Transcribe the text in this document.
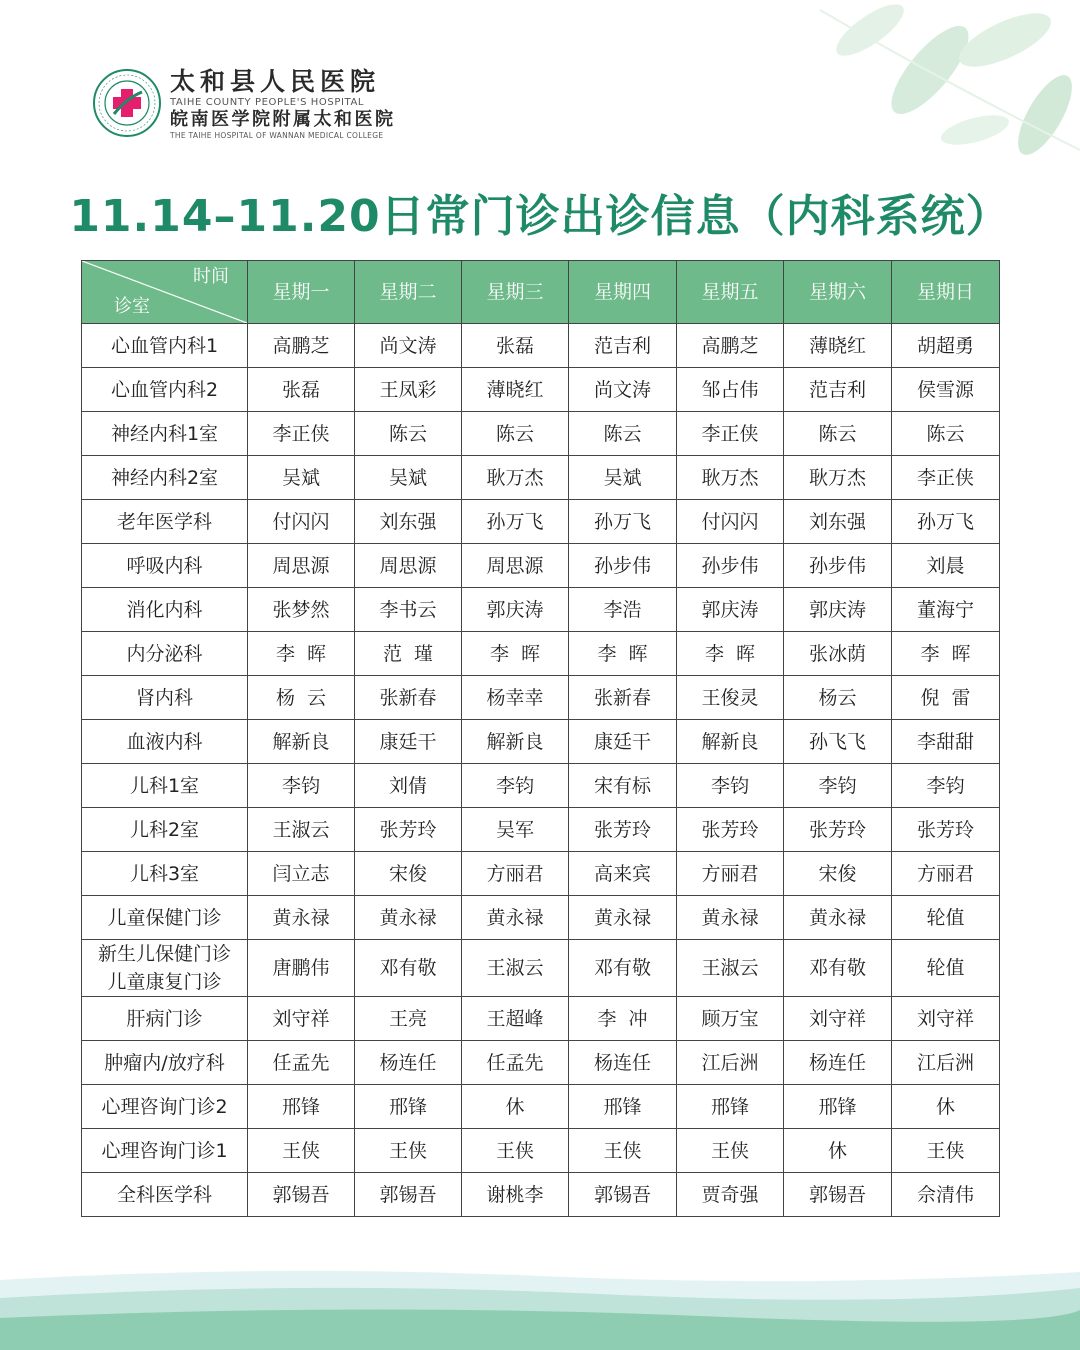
太和县人民医院
TAIHE COUNTY PEOPLE'S HOSPITAL
皖南医学院附属太和医院
THE TAIHE HOSPITAL OF WANNAN MEDICAL COLLEGE
11.14–11.20日常门诊出诊信息（内科系统）
时间
诊室	星期一	星期二	星期三	星期四	星期五	星期六	星期日

心血管内科1	高鹏芝	尚文涛	张磊	范吉利	高鹏芝	薄晓红	胡超勇

心血管内科2	张磊	王凤彩	薄晓红	尚文涛	邹占伟	范吉利	侯雪源

神经内科1室	李正侠	陈云	陈云	陈云	李正侠	陈云	陈云

神经内科2室	吴斌	吴斌	耿万杰	吴斌	耿万杰	耿万杰	李正侠

老年医学科	付闪闪	刘东强	孙万飞	孙万飞	付闪闪	刘东强	孙万飞

呼吸内科	周思源	周思源	周思源	孙步伟	孙步伟	孙步伟	刘晨

消化内科	张梦然	李书云	郭庆涛	李浩	郭庆涛	郭庆涛	董海宁

内分泌科	李  晖	范  瑾	李  晖	李  晖	李  晖	张冰荫	李  晖

肾内科	杨  云	张新春	杨幸幸	张新春	王俊灵	杨云	倪  雷

血液内科	解新良	康廷干	解新良	康廷干	解新良	孙飞飞	李甜甜

儿科1室	李钧	刘倩	李钧	宋有标	李钧	李钧	李钧

儿科2室	王淑云	张芳玲	吴军	张芳玲	张芳玲	张芳玲	张芳玲

儿科3室	闫立志	宋俊	方丽君	高来宾	方丽君	宋俊	方丽君

儿童保健门诊	黄永禄	黄永禄	黄永禄	黄永禄	黄永禄	黄永禄	轮值

新生儿保健门诊
儿童康复门诊	唐鹏伟	邓有敬	王淑云	邓有敬	王淑云	邓有敬	轮值

肝病门诊	刘守祥	王亮	王超峰	李  冲	顾万宝	刘守祥	刘守祥

肿瘤内/放疗科	任孟先	杨连任	任孟先	杨连任	江后洲	杨连任	江后洲

心理咨询门诊2	邢锋	邢锋	休	邢锋	邢锋	邢锋	休

心理咨询门诊1	王侠	王侠	王侠	王侠	王侠	休	王侠

全科医学科	郭锡吾	郭锡吾	谢桃李	郭锡吾	贾奇强	郭锡吾	佘清伟
